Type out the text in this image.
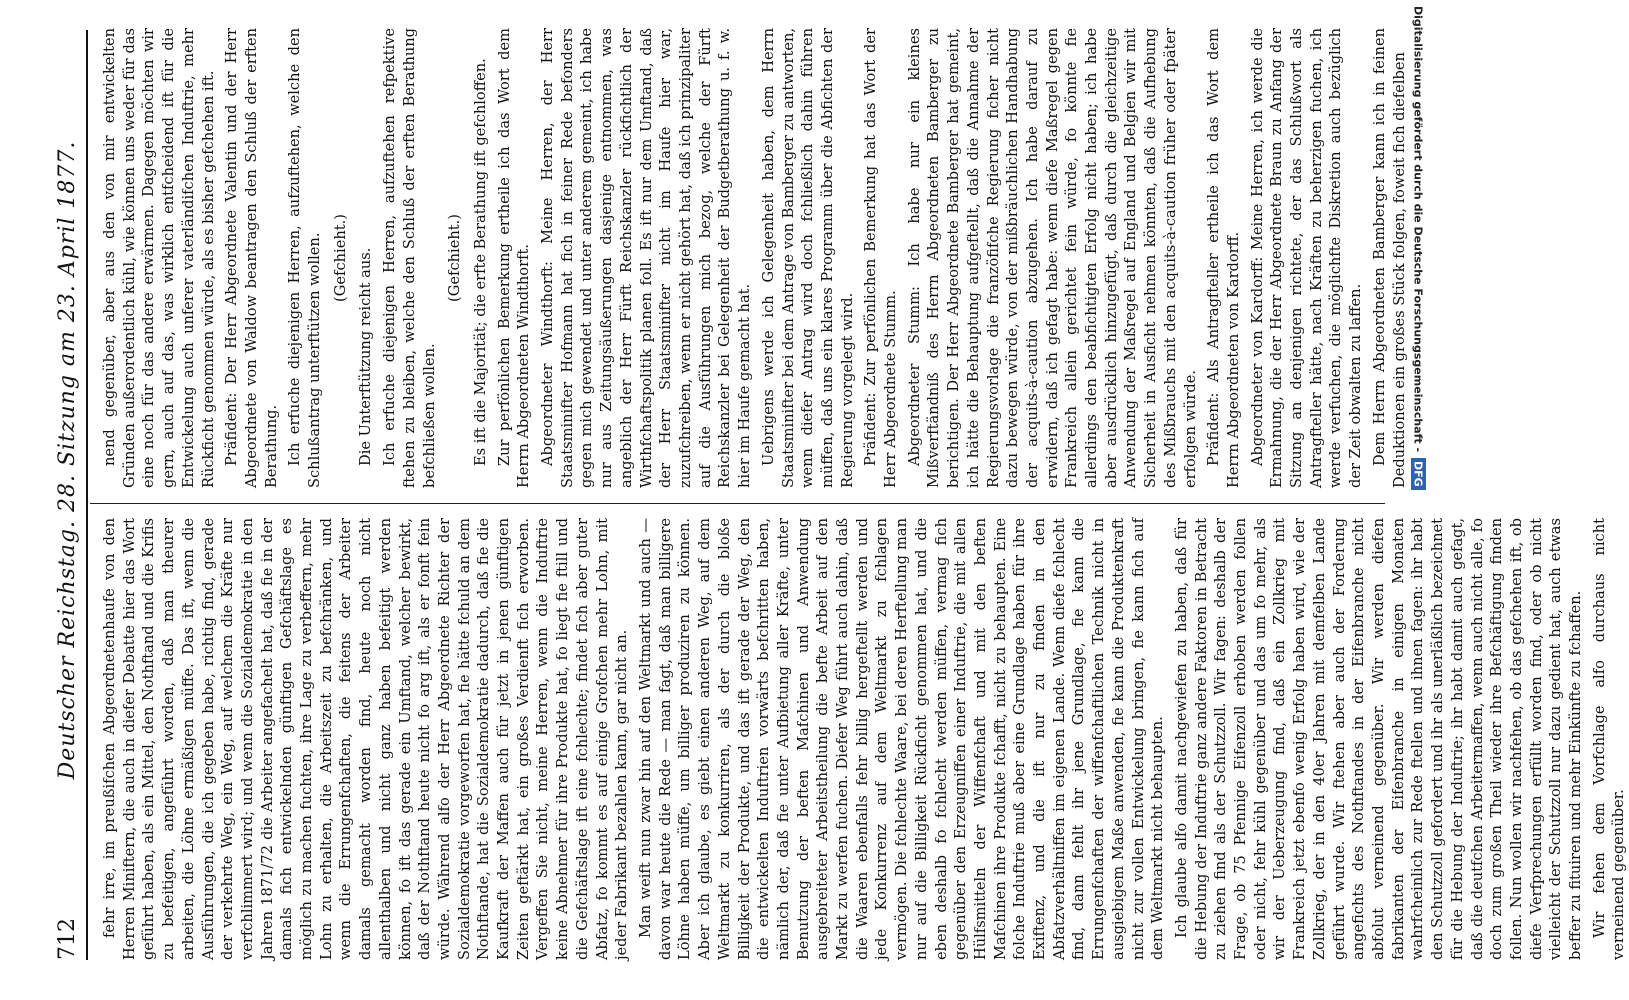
712
Deutscher Reichstag. 28. Sitzung am 23. April 1877. fehr irre, im preußifchen Abgeordnetenhaufe von den Herren Miniftern, die auch in diefer Debatte hier das Wort geführt haben, als ein Mittel, den Nothftand und die Krifis zu befeitigen, angeführt worden, daß man theurer arbeiten, die Löhne ermäßigen müffe. Das ift, wenn die Ausführungen, die ich gegeben habe, richtig find, gerade der verkehrte Weg, ein Weg, auf welchem die Kräfte nur verfchlimmert wird; und wenn die Sozialdemokratie in den Jahren 1871/72 die Arbeiter angefachelt hat, daß fie in der damals fich entwickelnden günftigen Gefchäftslage es möglich zu machen fuchten, ihre Lage zu verbeffern, mehr Lohn zu erhalten, die Arbeitszeit zu befchränken, und wenn die Errungenfchaften, die feitens der Arbeiter damals gemacht worden find, heute noch nicht allenthalben und nicht ganz haben befeitigt werden können, fo ift das gerade ein Umftand, welcher bewirkt, daß der Nothftand heute nicht fo arg ift, als er fonft fein würde. Während alfo der Herr Abgeordnete Richter der Sozialdemokratie vorgeworfen hat, fie hätte fchuld an dem Nothftande, hat die Sozialdemokratie dadurch, daß fie die Kaufkraft der Maffen auch für jetzt in jenen günftigen Zeiten geftärkt hat, ein großes Verdienft fich erworben. Vergeffen Sie nicht, meine Herren, wenn die Induftrie keine Abnehmer für ihre Produkte hat, fo liegt fie ftill und die Gefchäftslage ift eine fchlechte; findet fich aber guter Abfatz, fo kommt es auf einige Grofchen mehr Lohn, mit jeder Fabrikant bezahlen kann, gar nicht an. Man weift nun zwar hin auf den Weltmarkt und auch — davon war heute die Rede — man fagt, daß man billigere Löhne haben müffe, um billiger produziren zu können. Aber ich glaube, es giebt einen anderen Weg, auf dem Weltmarkt zu konkurriren, als der durch die bloße Billigkeit der Produkte, und das ift gerade der Weg, den die entwickelten Induftrien vorwärts befchritten haben, nämlich der, daß fie unter Aufbietung aller Kräfte, unter Benutzung der beften Mafchinen und Anwendung ausgebreiteter Arbeitstheilung die befte Arbeit auf den Markt zu werfen fuchen. Diefer Weg führt auch dahin, daß die Waaren ebenfalls fehr billig hergeftellt werden und jede Konkurrenz auf dem Weltmarkt zu fchlagen vermögen. Die fchlechte Waare, bei deren Herftellung man nur auf die Billigkeit Rückficht genommen hat, und die eben deshalb fo fchlecht werden müffen, vermag fich gegenüber den Erzeugniffen einer Induftrie, die mit allen Hülfsmitteln der Wiffenfchaft und mit den beften Mafchinen ihre Produkte fchafft, nicht zu behaupten. Eine folche Induftrie muß aber eine Grundlage haben für ihre Exiftenz, und die ift nur zu finden in den Abfatzverhältniffen im eigenen Lande. Wenn diefe fchlecht find, dann fehlt ihr jene Grundlage, fie kann die Errungenfchaften der wiffenfchaftlichen Technik nicht in ausgiebigem Maße anwenden, fie kann die Produktenkraft nicht zur vollen Entwickelung bringen, fie kann fich auf dem Weltmarkt nicht behaupten. Ich glaube alfo damit nachgewiefen zu haben, daß für die Hebung der Induftrie ganz andere Faktoren in Betracht zu ziehen find als der Schutzzoll. Wir fagen: deshalb der Frage, ob 75 Pfennige Eifenzoll erhoben werden follen oder nicht, fehr kühl gegenüber und das um fo mehr, als wir der Ueberzeugung find, daß ein Zollkrieg mit Frankreich jetzt ebenfo wenig Erfolg haben wird, wie der Zollkrieg, der in den 40er Jahren mit demfelben Lande geführt wurde. Wir ftehen aber auch der Forderung angefichts des Nothftandes in der Eifenbranche nicht abfolut verneinend gegenüber. Wir werden diefen fabrikanten der Eifenbranche in einigen Monaten wahrfcheinlich zur Rede ftellen und ihnen fagen: ihr habt den Schutzzoll gefordert und ihr als unerläßlich bezeichnet für die Hebung der Induftrie; ihr habt damit auch gefagt, daß die deutfchen Arbeitermaffen, wenn auch nicht alle, fo doch zum großen Theil wieder ihre Befchäftigung finden follen. Nun wollen wir nachfehen, ob das gefchehen ift, ob diefe Verfprechungen erfüllt worden find, oder ob nicht vielleicht der Schutzzoll nur dazu gedient hat, auch etwas beffer zu fituiren und mehr Einkünfte zu fchaffen. Wir fehen dem Vorfchlage alfo durchaus nicht verneinend gegenüber.

nend gegenüber, aber aus den von mir entwickelten Gründen außerordentlich kühl, wie können uns weder für das eine noch für das andere erwärmen. Dagegen möchten wir gern, auch auf das, was wirklich entfcheidend ift für die Entwickelung auch unferer vaterländifchen Induftrie, mehr Rückficht genommen würde, als es bisher gefchehen ift. Präfident: Der Herr Abgeordnete Valentin und der Herr Abgeordnete von Waldow beantragen den Schluß der erften Berathung. Ich erfuche diejenigen Herren, aufzuftehen, welche den Schlußantrag unterftützen wollen. (Gefchieht.) Die Unterftützung reicht aus. Ich erfuche diejenigen Herren, aufzuftehen refpektive ftehen zu bleiben, welche den Schluß der erften Berathung befchließen wollen.

(Gefchieht.) Es ift die Majorität; die erfte Berathung ift gefchloffen. Zur perfönlichen Bemerkung ertheile ich das Wort dem Herrn Abgeordneten Windthorft. Abgeordneter Windthorft: Meine Herren, der Herr Staatsminifter Hofmann hat fich in feiner Rede befonders gegen mich gewendet und unter anderem gemeint, ich habe nur aus Zeitungsäußerungen dasjenige entnommen, was angeblich der Herr Fürft Reichskanzler rückfichtlich der Wirthfchaftspolitik planen foll. Es ift nur dem Umftand, daß der Herr Staatsminifter nicht im Haufe hier war, zuzufchreiben, wenn er nicht gehört hat, daß ich prinzipaliter auf die Ausführungen mich bezog, welche der Fürft Reichskanzler bei Gelegenheit der Budgetberathung u. f. w. hier im Haufe gemacht hat. Uebrigens werde ich Gelegenheit haben, dem Herrn Staatsminifter bei dem Antrage von Bamberger zu antworten, wenn diefer Antrag wird doch fchließlich dahin führen müffen, daß uns ein klares Programm über die Abfichten der Regierung vorgelegt wird. Präfident: Zur perfönlichen Bemerkung hat das Wort der Herr Abgeordnete Stumm. Abgeordneter Stumm: Ich habe nur ein kleines Mißverftändniß des Herrn Abgeordneten Bamberger zu berichtigen. Der Herr Abgeordnete Bamberger hat gemeint, ich hätte die Behauptung aufgeftellt, daß die Annahme der Regierungsvorlage die franzöfifche Regierung ficher nicht dazu bewegen würde, von der mißbräuchlichen Handhabung der acquits-à-caution abzugehen. Ich habe darauf zu erwidern, daß ich gefagt habe: wenn diefe Maßregel gegen Frankreich allein gerichtet fein würde, fo könnte fie allerdings den beabfichtigten Erfolg nicht haben; ich habe aber ausdrücklich hinzugefügt, daß durch die gleichzeitige Anwendung der Maßregel auf England und Belgien wir mit Sicherheit in Ausficht nehmen könnten, daß die Aufhebung des Mißbrauchs mit den acquits-à-caution früher oder fpäter erfolgen würde. Präfident: Als Antragfteller ertheile ich das Wort dem Herrn Abgeordneten von Kardorff. Abgeordneter von Kardorff: Meine Herren, ich werde die Ermahnung, die der Herr Abgeordnete Braun zu Anfang der Sitzung an denjenigen richtete, der das Schlußwort als Antragfteller hätte, nach Kräften zu beherzigen fuchen, ich werde verfuchen, die möglichfte Diskretion auch bezüglich der Zeit obwalten zu laffen. Dem Herrn Abgeordneten Bamberger kann ich in feinen Deduktionen ein großes Stück folgen, foweit fich diefelben Digitalisierung gefördert durch die Deutsche Forschungsgemeinschaft - DFG
